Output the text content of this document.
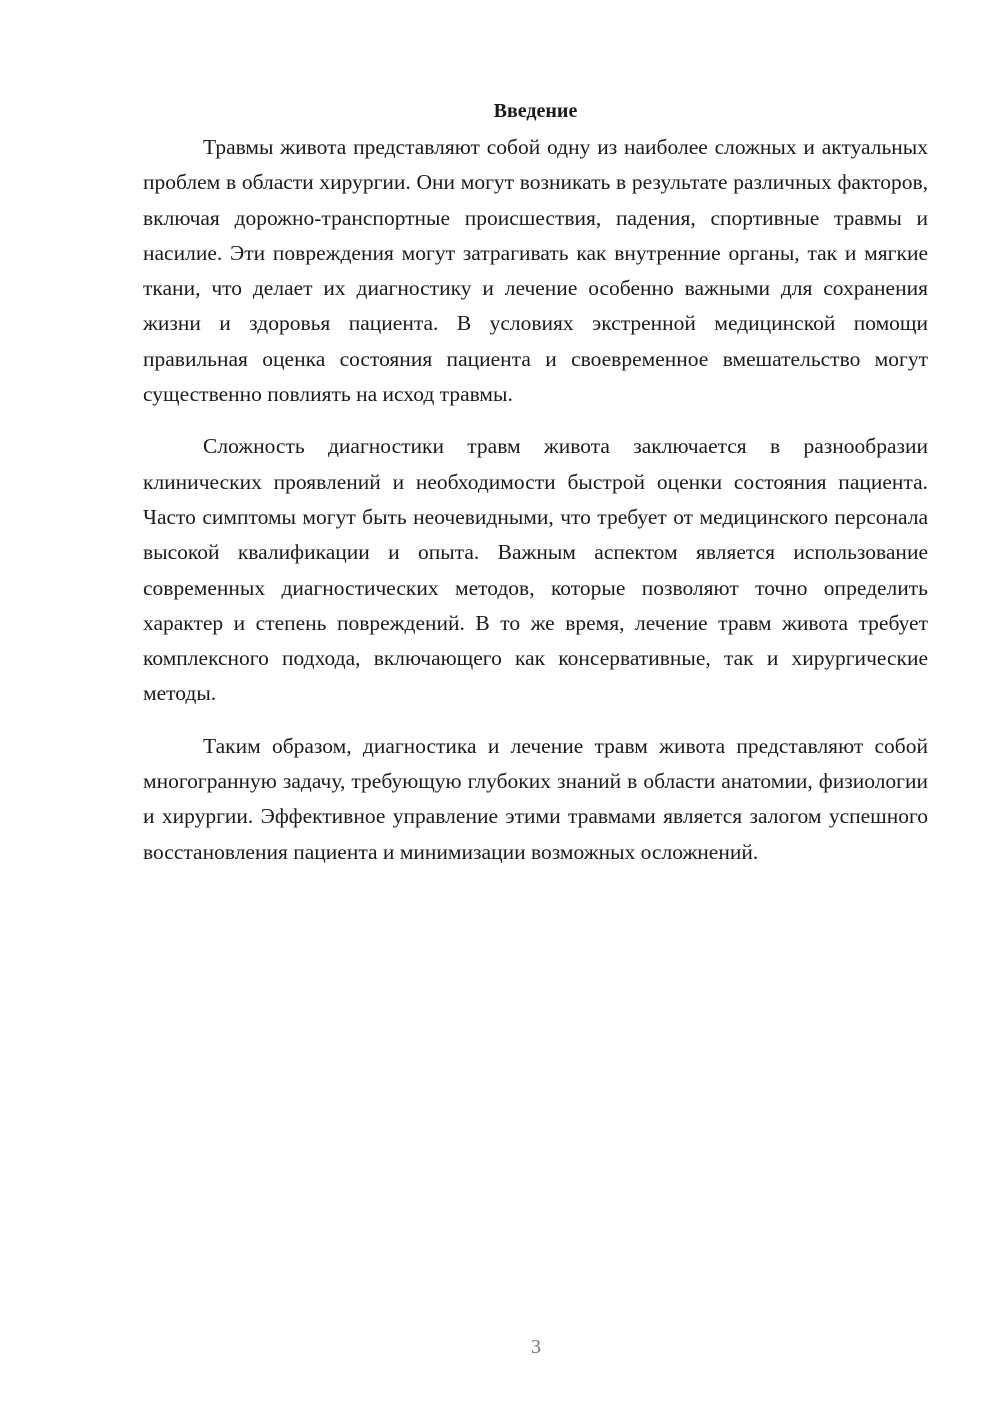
Введение

Травмы живота представляют собой одну из наиболее сложных и актуальных проблем в области хирургии. Они могут возникать в результате различных факторов, включая дорожно-транспортные происшествия, падения, спортивные травмы и насилие. Эти повреждения могут затрагивать как внутренние органы, так и мягкие ткани, что делает их диагностику и лечение особенно важными для сохранения жизни и здоровья пациента. В условиях экстренной медицинской помощи правильная оценка состояния пациента и своевременное вмешательство могут существенно повлиять на исход травмы.

Сложность диагностики травм живота заключается в разнообразии клинических проявлений и необходимости быстрой оценки состояния пациента. Часто симптомы могут быть неочевидными, что требует от медицинского персонала высокой квалификации и опыта. Важным аспектом является использование современных диагностических методов, которые позволяют точно определить характер и степень повреждений. В то же время, лечение травм живота требует комплексного подхода, включающего как консервативные, так и хирургические методы.

Таким образом, диагностика и лечение травм живота представляют собой многогранную задачу, требующую глубоких знаний в области анатомии, физиологии и хирургии. Эффективное управление этими травмами является залогом успешного восстановления пациента и минимизации возможных осложнений.

3
